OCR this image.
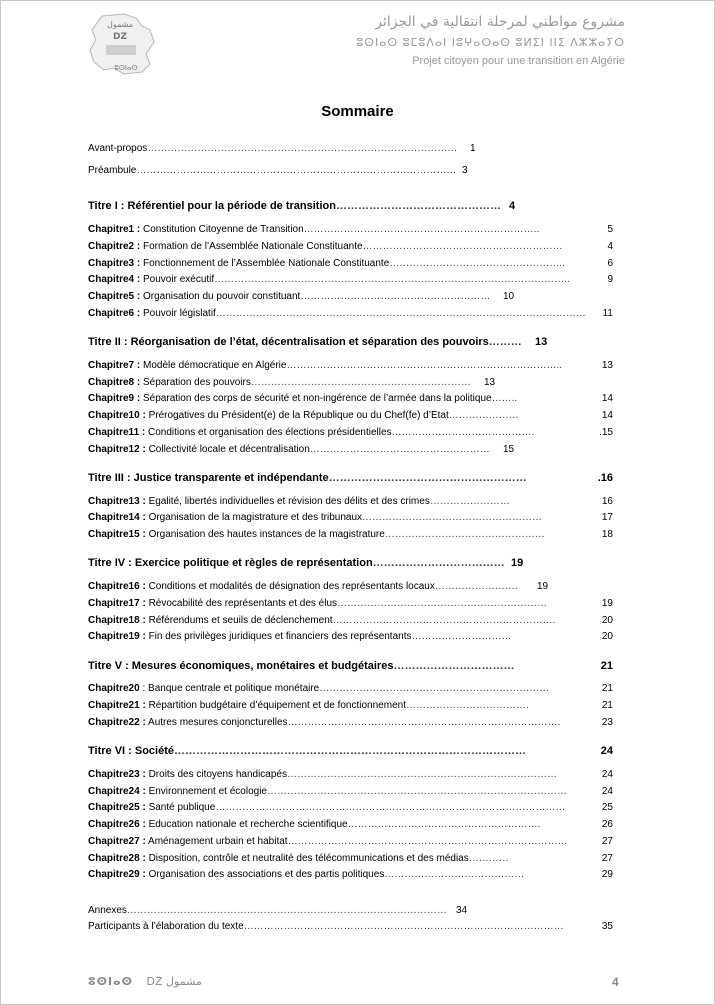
مشمول
DZ
ⵓⵙⵏⴰⵙ
مشروع مواطني لمرحلة انتقالية في الجزائر
ⵓⵙⵏⴰⵙ ⵓⵎⵓⴷⴰⵏ ⵏⵓⵖⴰⵔⴰⵙ ⵓⵍⵉⵏ ⵏⵏⵉ ⴷⵣⵣⴰⵢⵔ
Projet citoyen pour une transition en Algérie
Sommaire
Avant-propos………………………………………………………………………………… 1
Préambule…………………………………………………………………………………… 3
Titre I : Référentiel pour la période de transition……………………………………… 4
Chapitre1 : Constitution Citoyenne de Transition……………………………………………………………..	5
Chapitre2 : Formation de l’Assemblée Nationale Constituante……………………………………………………	4
Chapitre3 : Fonctionnement de l’Assemblée Nationale Constituante……………………………………………..	6
Chapitre4 : Pouvoir exécutif……………………………………………………………………………………………..	9
Chapitre5 : Organisation du pouvoir constituant………………………………………………… 10
Chapitre6 : Pouvoir législatif………………………………………………………………………………………………… 11
Titre II : Réorganisation de l’état, décentralisation et séparation des pouvoirs……… 13
Chapitre7 : Modèle démocratique en Algérie………………………………………………………………………..	13
Chapitre8 : Séparation des pouvoirs………………………………………………………… 13
Chapitre9 : Séparation des corps de sécurité et non-ingérence de l’armée dans la politique……..	14
Chapitre10 : Prérogatives du Président(e) de la République ou du Chef(fe) d’Etat…………………	14
Chapitre11 : Conditions et organisation des élections présidentielles…………………………………….	.15
Chapitre12 : Collectivité locale et décentralisation……………………………………………… 15
Titre III : Justice transparente et indépendante………………………………………………	.16
Chapitre13 : Egalité, libertés individuelles et révision des délits et des crimes……………………	16
Chapitre14 : Organisation de la magistrature et des tribunaux………………………………………………	17
Chapitre15 : Organisation des hautes instances de la magistrature…………………………………………	18
Titre IV : Exercice politique et règles de représentation……………………………… 19
Chapitre16 : Conditions et modalités de désignation des représentants locaux……………………. 19
Chapitre17 : Révocabilité des représentants et des élus………………………………………………………	19
Chapitre18 : Référendums et seuils de déclenchement………………………………………………………….	20
Chapitre19 : Fin des privilèges juridiques et financiers des représentants…………………………	20
Titre V : Mesures économiques, monétaires et budgétaires……………………………	21
Chapitre20 : Banque centrale et politique monétaire……………………………………………………………	21
Chapitre21 : Répartition budgétaire d’équipement et de fonctionnement……………………………….	21
Chapitre22 : Autres mesures conjoncturelles……………………………………………………………………….	23
Titre VI : Société……………………………………………………………………………………	24
Chapitre23 : Droits des citoyens handicapés………………………………………………………………………	24
Chapitre24 : Environnement et écologie………………………………………………………………………………	24
Chapitre25 : Santé publique……………………………………………………………………………………………	25
Chapitre26 : Education nationale et recherche scientifique………………………………………………….	26
Chapitre27 : Aménagement urbain et habitat…………………………………………………………………………	27
Chapitre28 : Disposition, contrôle et neutralité des télécommunications et des médias…………	27
Chapitre29 : Organisation des associations et des partis politiques……………………………………	29
Annexes…………………………………………………………………………………… 34
Participants à l’élaboration du texte……………………………………………………………………………………	35
ⵓⵙⵏⴰⵙ DZ مشمول	4
